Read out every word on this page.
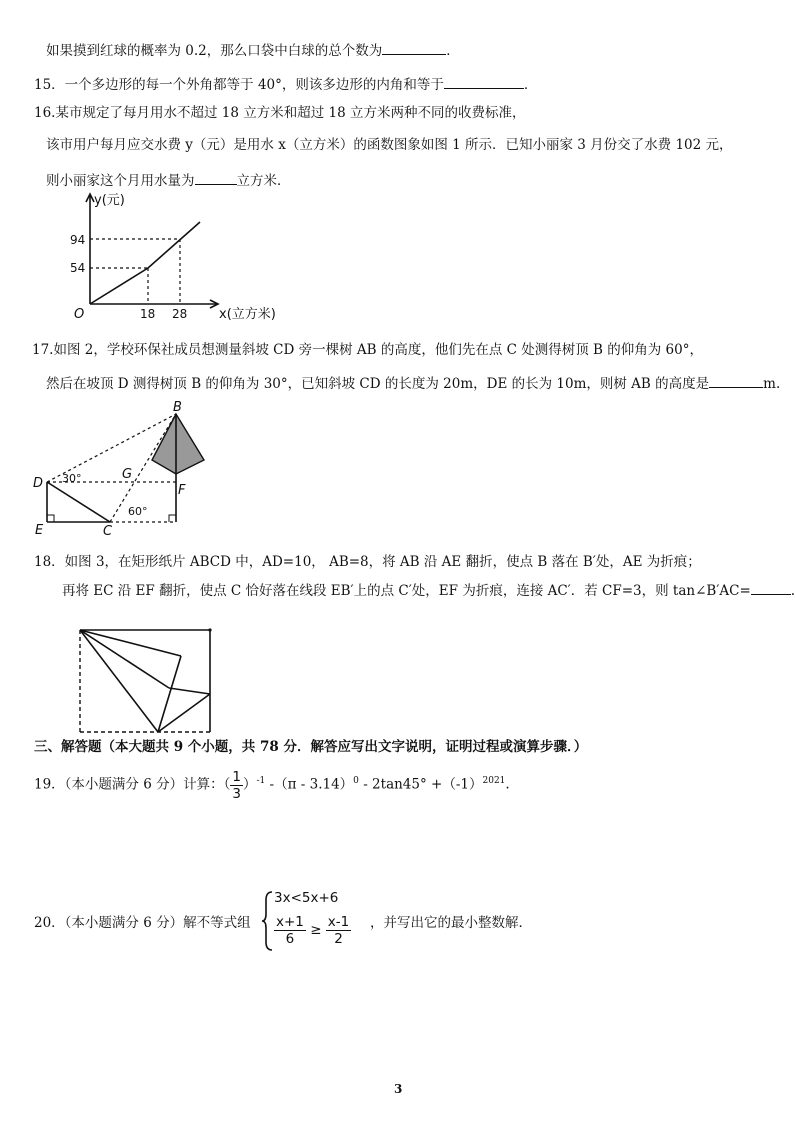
如果摸到红球的概率为 0.2，那么口袋中白球的总个数为	．
15．一个多边形的每一个外角都等于 40°，则该多边形的内角和等于	．
16.某市规定了每月用水不超过 18 立方米和超过 18 立方米两种不同的收费标准，
该市用户每月应交水费 y（元）是用水 x（立方米）的函数图象如图 1 所示．已知小丽家 3 月份交了水费 102 元，
则小丽家这个月用水量为	立方米．
y(元)
x(立方米)
O
94
54
18 28
17.如图 2，学校环保社成员想测量斜坡 CD 旁一棵树 AB 的高度，他们先在点 C 处测得树顶 B 的仰角为 60°，
然后在坡顶 D 测得树顶 B 的仰角为 30°，已知斜坡 CD 的长度为 20m，DE 的长为 10m，则树 AB 的高度是	m.
B
D
G
F
E	C
30°
60°
18．如图 3，在矩形纸片 ABCD 中，AD=10， AB=8，将 AB 沿 AE 翻折，使点 B 落在 B′处，AE 为折痕；
再将 EC 沿 EF 翻折，使点 C 恰好落在线段 EB′上的点 C′处，EF 为折痕，连接 AC′．若 CF=3，则 tan∠B′AC=	.
三、解答题（本大题共 9 个小题，共 78 分．解答应写出文字说明，证明过程或演算步骤．）
19．（本小题满分 6 分）计算：（ $\frac{1}{3} )^{-1}$ $-(\pi - 3.14)^0 - 2\tan 45^\circ +(-1)^{2021}$.
20．（本小题满分 6 分）解不等式组
3x<5x+6
$\frac{x+1}{6} \ge \frac{x-1}{2}$ ，并写出它的最小整数解．
3
